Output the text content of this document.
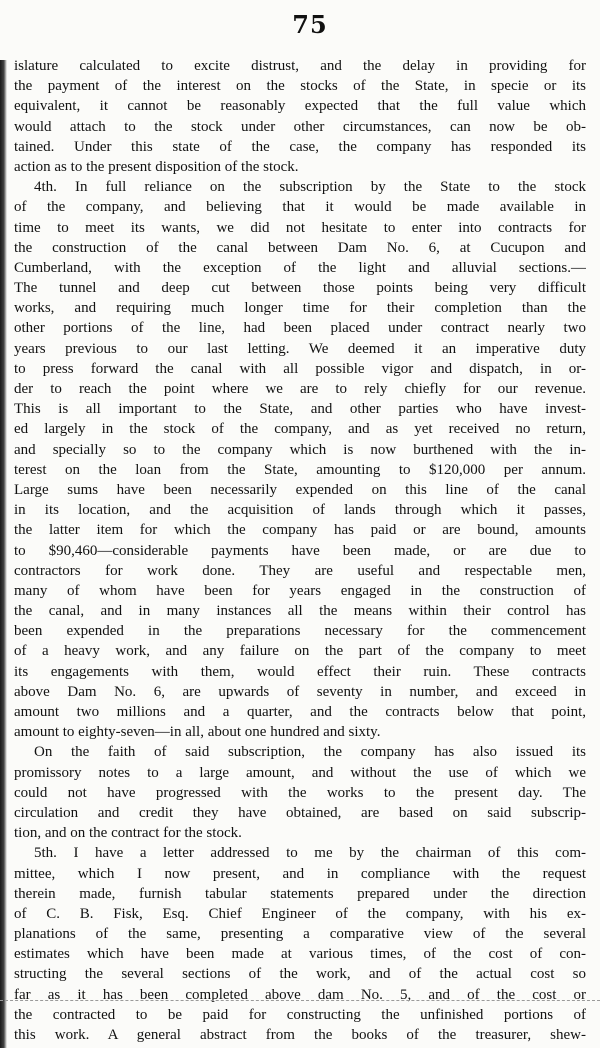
75
islature calculated to excite distrust, and the delay in providing for
the payment of the interest on the stocks of the State, in specie or its
equivalent, it cannot be reasonably expected that the full value which
would attach to the stock under other circumstances, can now be ob-
tained. Under this state of the case, the company has responded its
action as to the present disposition of the stock.
4th. In full reliance on the subscription by the State to the stock
of the company, and believing that it would be made available in
time to meet its wants, we did not hesitate to enter into contracts for
the construction of the canal between Dam No. 6, at Cucupon and
Cumberland, with the exception of the light and alluvial sections.—
The tunnel and deep cut between those points being very difficult
works, and requiring much longer time for their completion than the
other portions of the line, had been placed under contract nearly two
years previous to our last letting. We deemed it an imperative duty
to press forward the canal with all possible vigor and dispatch, in or-
der to reach the point where we are to rely chiefly for our revenue.
This is all important to the State, and other parties who have invest-
ed largely in the stock of the company, and as yet received no return,
and specially so to the company which is now burthened with the in-
terest on the loan from the State, amounting to $120,000 per annum.
Large sums have been necessarily expended on this line of the canal
in its location, and the acquisition of lands through which it passes,
the latter item for which the company has paid or are bound, amounts
to $90,460—considerable payments have been made, or are due to
contractors for work done. They are useful and respectable men,
many of whom have been for years engaged in the construction of
the canal, and in many instances all the means within their control has
been expended in the preparations necessary for the commencement
of a heavy work, and any failure on the part of the company to meet
its engagements with them, would effect their ruin. These contracts
above Dam No. 6, are upwards of seventy in number, and exceed in
amount two millions and a quarter, and the contracts below that point,
amount to eighty-seven—in all, about one hundred and sixty.
On the faith of said subscription, the company has also issued its
promissory notes to a large amount, and without the use of which we
could not have progressed with the works to the present day. The
circulation and credit they have obtained, are based on said subscrip-
tion, and on the contract for the stock.
5th. I have a letter addressed to me by the chairman of this com-
mittee, which I now present, and in compliance with the request
therein made, furnish tabular statements prepared under the direction
of C. B. Fisk, Esq. Chief Engineer of the company, with his ex-
planations of the same, presenting a comparative view of the several
estimates which have been made at various times, of the cost of con-
structing the several sections of the work, and of the actual cost so
far as it has been completed above dam No. 5, and of the cost or
the contracted to be paid for constructing the unfinished portions of
this work. A general abstract from the books of the treasurer, shew-
